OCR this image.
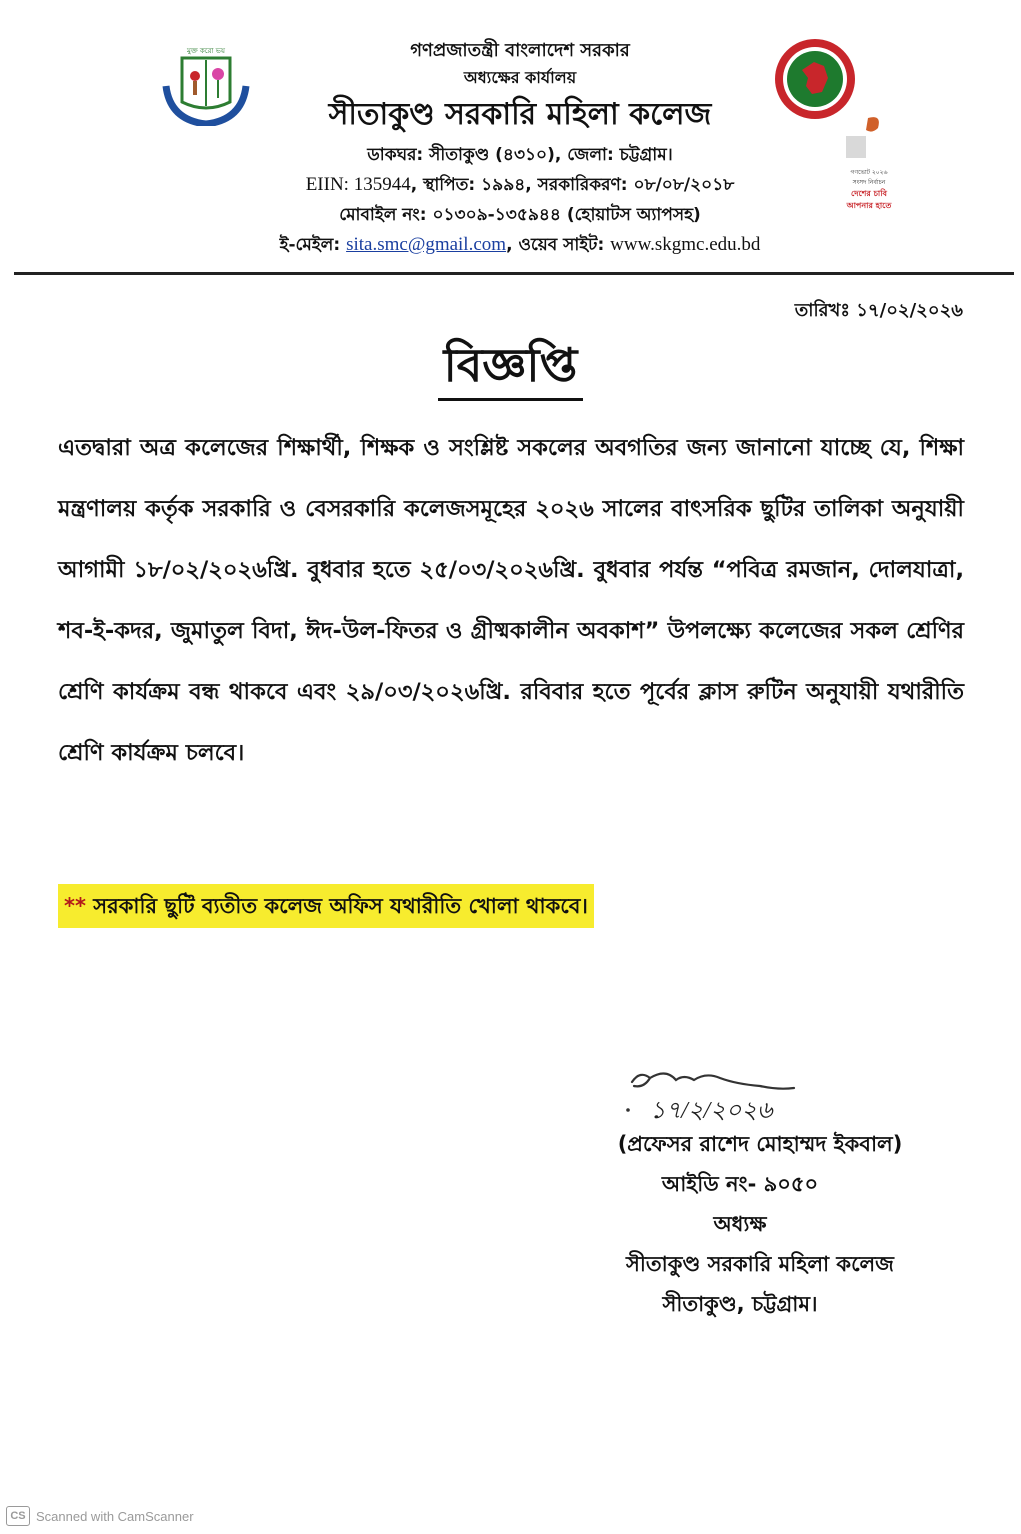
মুক্ত করো ভয়
গণভোট ২০২৬
সংসদ নির্বাচন
দেশের চাবি
আপনার হাতে
গণপ্রজাতন্ত্রী বাংলাদেশ সরকার
অধ্যক্ষের কার্যালয়
সীতাকুণ্ড সরকারি মহিলা কলেজ
ডাকঘর: সীতাকুণ্ড (৪৩১০), জেলা: চট্টগ্রাম।
EIIN: 135944, স্থাপিত: ১৯৯৪, সরকারিকরণ: ০৮/০৮/২০১৮
মোবাইল নং: ০১৩০৯-১৩৫৯৪৪ (হোয়াটস অ্যাপসহ)
ই-মেইল: sita.smc@gmail.com, ওয়েব সাইট: www.skgmc.edu.bd
তারিখঃ ১৭/০২/২০২৬
বিজ্ঞপ্তি
এতদ্বারা অত্র কলেজের শিক্ষার্থী, শিক্ষক ও সংশ্লিষ্ট সকলের অবগতির জন্য জানানো যাচ্ছে যে, শিক্ষা মন্ত্রণালয় কর্তৃক সরকারি ও বেসরকারি কলেজসমূহের ২০২৬ সালের বাৎসরিক ছুটির তালিকা অনুযায়ী আগামী ১৮/০২/২০২৬খ্রি. বুধবার হতে ২৫/০৩/২০২৬খ্রি. বুধবার পর্যন্ত “পবিত্র রমজান, দোলযাত্রা, শব-ই-কদর, জুমাতুল বিদা, ঈদ-উল-ফিতর ও গ্রীষ্মকালীন অবকাশ” উপলক্ষ্যে কলেজের সকল শ্রেণির শ্রেণি কার্যক্রম বন্ধ থাকবে এবং ২৯/০৩/২০২৬খ্রি. রবিবার হতে পূর্বের ক্লাস রুটিন অনুযায়ী যথারীতি শ্রেণি কার্যক্রম চলবে।
** সরকারি ছুটি ব্যতীত কলেজ অফিস যথারীতি খোলা থাকবে।
১৭/২/২০২৬
(প্রফেসর রাশেদ মোহাম্মদ ইকবাল)
আইডি নং- ৯০৫০
অধ্যক্ষ
সীতাকুণ্ড সরকারি মহিলা কলেজ
সীতাকুণ্ড, চট্টগ্রাম।
CS Scanned with CamScanner
